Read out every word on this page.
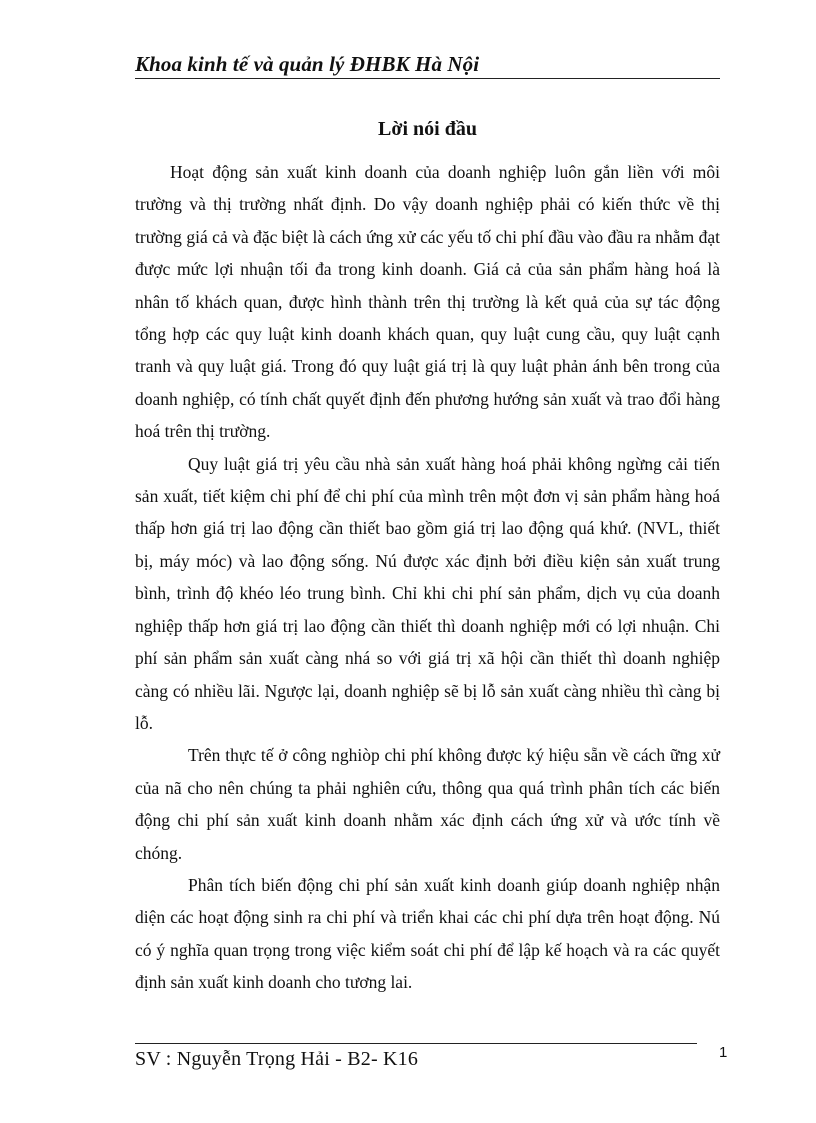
Khoa kinh tế và quản lý ĐHBK Hà Nội
Lời nói đầu

Hoạt động sản xuất kinh doanh của doanh nghiệp luôn gắn liền với môi trường và thị trường nhất định. Do vậy doanh nghiệp phải có kiến thức về thị trường giá cả và đặc biệt là cách ứng xử các yếu tố chi phí đầu vào đầu ra nhằm đạt được mức lợi nhuận tối đa trong kinh doanh. Giá cả của sản phẩm hàng hoá là nhân tố khách quan, được hình thành trên thị trường là kết quả của sự tác động tổng hợp các quy luật kinh doanh khách quan, quy luật cung cầu, quy luật cạnh tranh và quy luật giá. Trong đó quy luật giá trị là quy luật phản ánh bên trong của doanh nghiệp, có tính chất quyết định đến phương hướng sản xuất và trao đổi hàng hoá trên thị trường.

Quy luật giá trị yêu cầu nhà sản xuất hàng hoá phải không ngừng cải tiến sản xuất, tiết kiệm chi phí để chi phí của mình trên một đơn vị sản phẩm hàng hoá thấp hơn giá trị lao động cần thiết bao gồm giá trị lao động quá khứ. (NVL, thiết bị, máy móc) và lao động sống. Nú được xác định bởi điều kiện sản xuất trung bình, trình độ khéo léo trung bình. Chỉ khi chi phí sản phẩm, dịch vụ của doanh nghiệp thấp hơn giá trị lao động cần thiết thì doanh nghiệp mới có lợi nhuận. Chi phí sản phẩm sản xuất càng nhá so với giá trị xã hội cần thiết thì doanh nghiệp càng có nhiều lãi. Ngược lại, doanh nghiệp sẽ bị lỗ sản xuất càng nhiều thì càng bị lỗ.

Trên thực tế ở công nghiòp chi phí không được ký hiệu sẵn về cách ững xử của nã cho nên chúng ta phải nghiên cứu, thông qua quá trình phân tích các biến động chi phí sản xuất kinh doanh nhằm xác định cách ứng xử và ước tính về chóng.

Phân tích biến động chi phí sản xuất kinh doanh giúp doanh nghiệp nhận diện các hoạt động sinh ra chi phí và triển khai các chi phí dựa trên hoạt động. Nú có ý nghĩa quan trọng trong việc kiểm soát chi phí để lập kế hoạch và ra các quyết định sản xuất kinh doanh cho tương lai.

SV : Nguyễn Trọng Hải - B2- K16	1
